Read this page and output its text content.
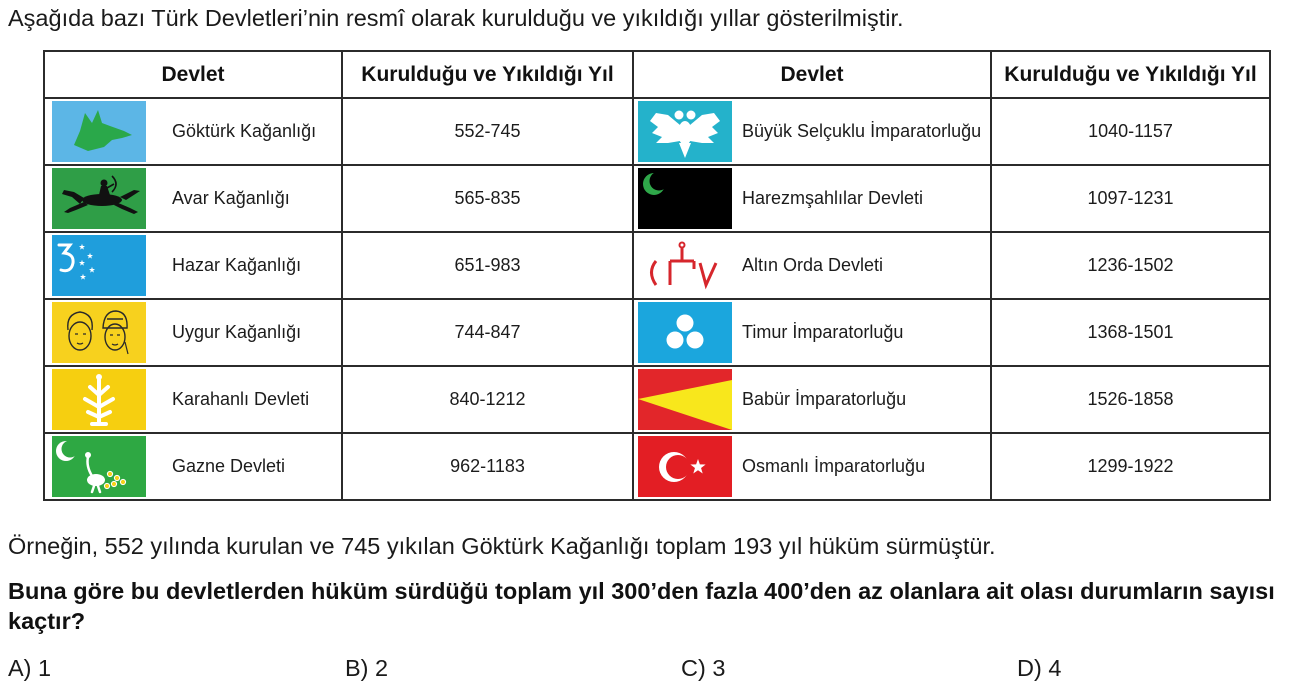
Aşağıda bazı Türk Devletleri’nin resmî olarak kurulduğu ve yıkıldığı yıllar gösterilmiştir.
Devlet	Kurulduğu ve Yıkıldığı Yıl	Devlet	Kurulduğu ve Yıkıldığı Yıl

Göktürk Kağanlığı	552-745	Büyük Selçuklu İmparatorluğu	1040-1157

Avar Kağanlığı	565-835	Harezmşahlılar Devleti	1097-1231

Hazar Kağanlığı	651-983	Altın Orda Devleti	1236-1502

Uygur Kağanlığı	744-847	Timur İmparatorluğu	1368-1501

Karahanlı Devleti	840-1212	Babür İmparatorluğu	1526-1858

Gazne Devleti	962-1183	Osmanlı İmparatorluğu	1299-1922
Örneğin, 552 yılında kurulan ve 745 yıkılan Göktürk Kağanlığı toplam 193 yıl hüküm sürmüştür.
Buna göre bu devletlerden hüküm sürdüğü toplam yıl 300’den fazla 400’den az olanlara ait olası durumların sayısı kaçtır?
A) 1	B) 2	C) 3	D) 4
